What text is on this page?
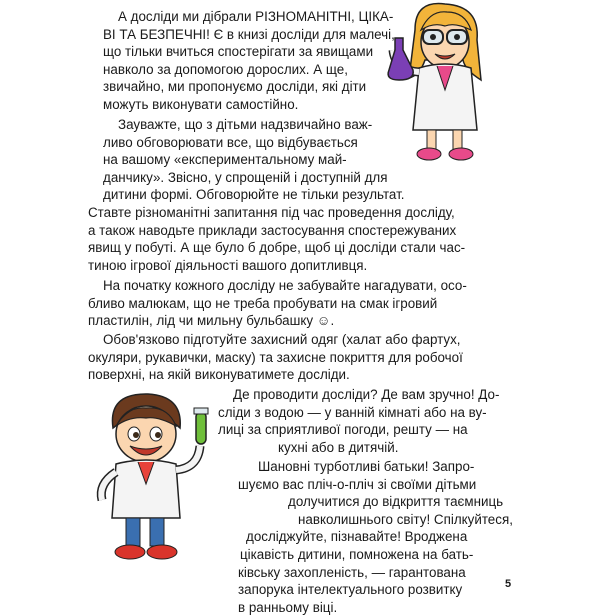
А досліди ми дібрали РІЗНОМАНІТНІ, ЦІКА-
ВІ ТА БЕЗПЕЧНІ! Є в книзі досліди для малечі,
що тільки вчиться спостерігати за явищами
навколо за допомогою дорослих. А ще,
звичайно, ми пропонуємо досліди, які діти
можуть виконувати самостійно.
Зауважте, що з дітьми надзвичайно важ-
ливо обговорювати все, що відбувається
на вашому «експериментальному май-
данчику». Звісно, у спрощеній і доступній для
дитини формі. Обговорюйте не тільки результат.
Ставте різноманітні запитання під час проведення досліду,
а також наводьте приклади застосування спостережуваних
явищ у побуті. А ще було б добре, щоб ці досліди стали час-
тиною ігрової діяльності вашого допитливця.
На початку кожного досліду не забувайте нагадувати, осо-
бливо малюкам, що не треба пробувати на смак ігровий
пластилін, лід чи мильну бульбашку ☺.
Обов'язково підготуйте захисний одяг (халат або фартух,
окуляри, рукавички, маску) та захисне покриття для робочої
поверхні, на якій виконуватимете досліди.
Де проводити досліди? Де вам зручно! До-
сліди з водою — у ванній кімнаті або на ву-
лиці за сприятливої погоди, решту — на
кухні або в дитячій.
Шановні турботливі батьки! Запро-
шуємо вас пліч-о-пліч зі своїми дітьми
долучитися до відкриття таємниць
навколишнього світу! Спілкуйтеся,
досліджуйте, пізнавайте! Вроджена
цікавість дитини, помножена на бать-
ківську захопленість, — гарантована
запорука інтелектуального розвитку
в ранньому віці.
5
